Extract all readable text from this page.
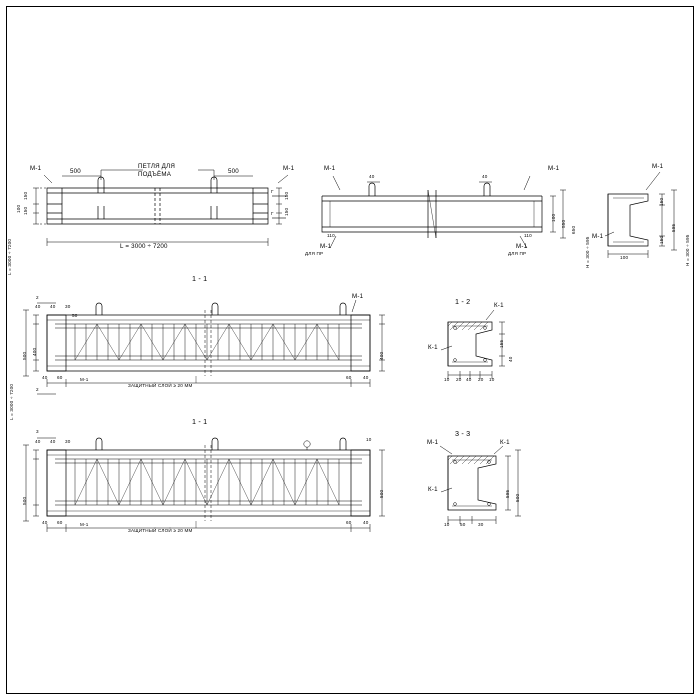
М-1	М-1
500	500
ПЕТЛЯ ДЛЯ
ПОДЪЁМА
L = 3000 ÷ 7200
150
150
100
150
150
Г
Г
L = 3000 ÷ 7200
М-1	М-1
М-1	М-1
40	40
100
550
650
110	110
ДЛЯ ПР	ДЛЯ ПР	H = 300 ÷ 595
М-1
М-1
150
150
595
100	H = 300 ÷ 595
1 - 1
2
2
М-1
ЗАЩИТНЫЙ СЛОЙ ≥ 20 ММ
40 60	60 40
40 40 30
400
500	400
50
М-1
L = 3000 ÷ 7200
1 - 2	К-1
К-1	155
40
10 20 40 20 10
1 - 1
3
ЗАЩИТНЫЙ СЛОЙ ≥ 20 ММ
40 60	60 40
40 40 30
500
500
М-1
10
3 - 3
М-1	К-1
К-1
595 500
10 50	30
